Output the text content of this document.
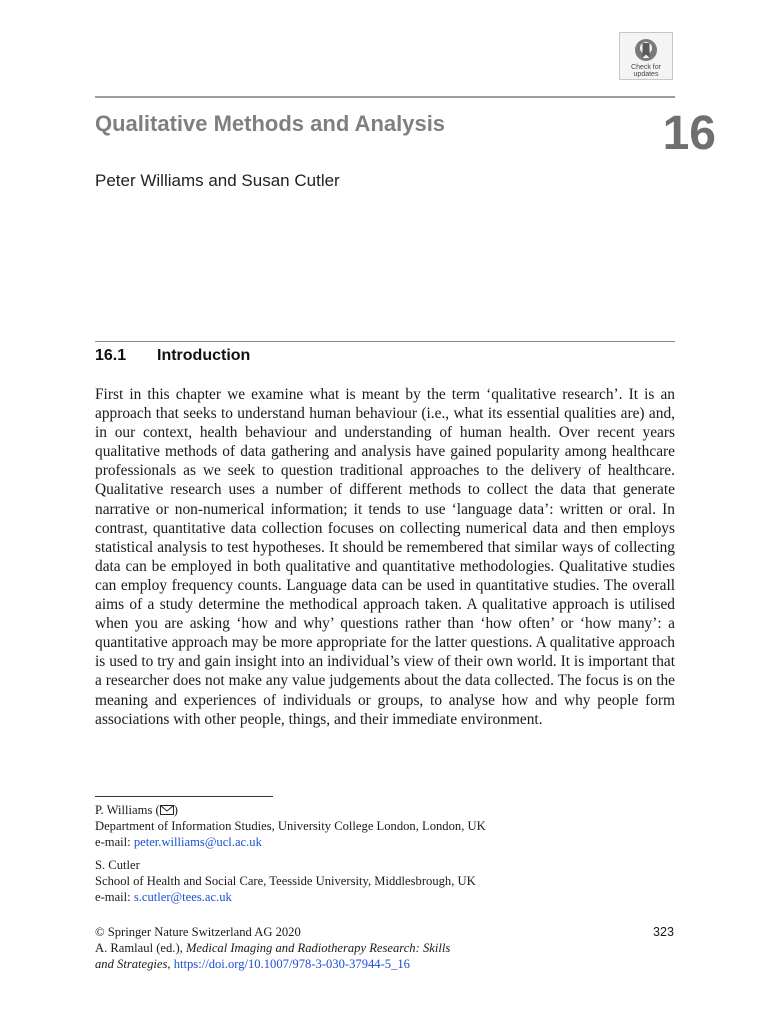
Check for
updates
Qualitative Methods and Analysis	16
Peter Williams and Susan Cutler
16.1 Introduction

First in this chapter we examine what is meant by the term ‘qualitative research’. It is an approach that seeks to understand human behaviour (i.e., what its essential qualities are) and, in our context, health behaviour and understanding of human health. Over recent years qualitative methods of data gathering and analysis have gained popularity among healthcare professionals as we seek to question traditional approaches to the delivery of healthcare. Qualitative research uses a number of different methods to collect the data that generate narrative or non-numerical information; it tends to use ‘language data’: written or oral. In contrast, quantitative data collection focuses on collecting numerical data and then employs statistical analysis to test hypotheses. It should be remembered that similar ways of collecting data can be employed in both qualitative and quantitative methodologies. Qualitative studies can employ frequency counts. Language data can be used in quantitative studies. The overall aims of a study determine the methodical approach taken. A qualitative approach is utilised when you are asking ‘how and why’ questions rather than ‘how often’ or ‘how many’: a quantitative approach may be more appropriate for the latter questions. A qualitative approach is used to try and gain insight into an individual’s view of their own world. It is important that a researcher does not make any value judgements about the data collected. The focus is on the meaning and experiences of individuals or groups, to analyse how and why people form associations with other people, things, and their immediate environment.

P. Williams ( )
Department of Information Studies, University College London, London, UK
e-mail: peter.williams@ucl.ac.uk
S. Cutler
School of Health and Social Care, Teesside University, Middlesbrough, UK
e-mail: s.cutler@tees.ac.uk
© Springer Nature Switzerland AG 2020
A. Ramlaul (ed.), Medical Imaging and Radiotherapy Research: Skills
and Strategies, https://doi.org/10.1007/978-3-030-37944-5_16
323
